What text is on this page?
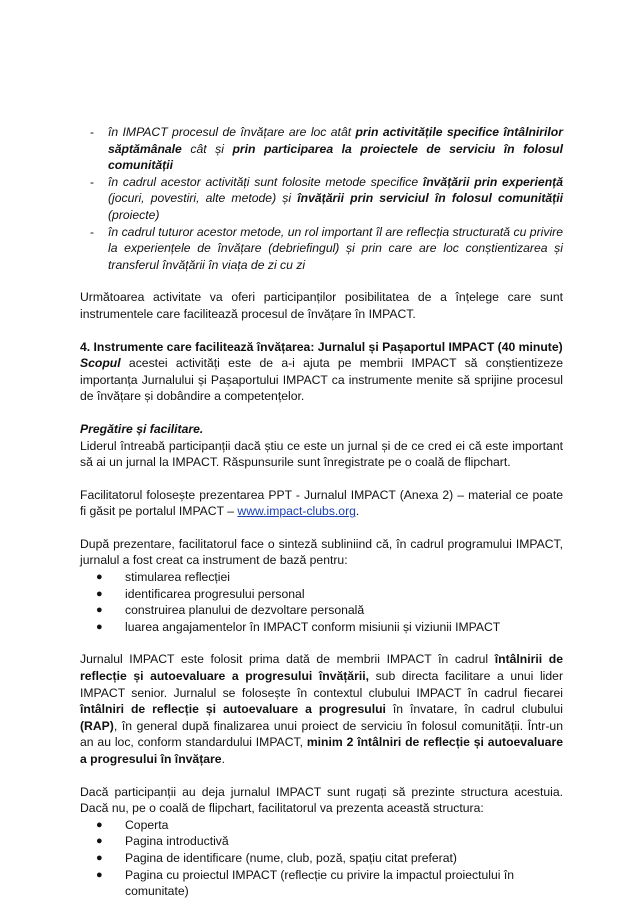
- în IMPACT procesul de învățare are loc atât prin activitățile specifice întâlnirilor săptămânale cât și prin participarea la proiectele de serviciu în folosul comunității
- în cadrul acestor activități sunt folosite metode specifice învățării prin experiență (jocuri, povestiri, alte metode) și învățării prin serviciul în folosul comunității (proiecte)
- în cadrul tuturor acestor metode, un rol important îl are reflecția structurată cu privire la experiențele de învățare (debriefingul) și prin care are loc conștientizarea și transferul învățării în viața de zi cu zi

Următoarea activitate va oferi participanților posibilitatea de a înțelege care sunt instrumentele care facilitează procesul de învățare în IMPACT.

4. Instrumente care facilitează învățarea: Jurnalul și Pașaportul IMPACT (40 minute)

Scopul acestei activități este de a-i ajuta pe membrii IMPACT să conștientizeze importanța Jurnalului și Pașaportului IMPACT ca instrumente menite să sprijine procesul de învățare și dobândire a competențelor.

Pregătire și facilitare.

Liderul întreabă participanții dacă știu ce este un jurnal și de ce cred ei că este important să ai un jurnal la IMPACT. Răspunsurile sunt înregistrate pe o coală de flipchart.

Facilitatorul folosește prezentarea PPT - Jurnalul IMPACT (Anexa 2) – material ce poate fi găsit pe portalul IMPACT – www.impact-clubs.org.

După prezentare, facilitatorul face o sinteză subliniind că, în cadrul programului IMPACT, jurnalul a fost creat ca instrument de bază pentru:

● stimularea reflecției
● identificarea progresului personal
● construirea planului de dezvoltare personală
● luarea angajamentelor în IMPACT conform misiunii și viziunii IMPACT

Jurnalul IMPACT este folosit prima dată de membrii IMPACT în cadrul întâlnirii de reflecție și autoevaluare a progresului învățării, sub directa facilitare a unui lider IMPACT senior. Jurnalul se folosește în contextul clubului IMPACT în cadrul fiecarei întâlniri de reflecție și autoevaluare a progresului în învatare, în cadrul clubului (RAP), în general după finalizarea unui proiect de serviciu în folosul comunității. Într-un an au loc, conform standardului IMPACT, minim 2 întâlniri de reflecție și autoevaluare a progresului în învățare.

Dacă participanții au deja jurnalul IMPACT sunt rugați să prezinte structura acestuia. Dacă nu, pe o coală de flipchart, facilitatorul va prezenta această structura:

● Coperta
● Pagina introductivă
● Pagina de identificare (nume, club, poză, spațiu citat preferat)
● Pagina cu proiectul IMPACT (reflecție cu privire la impactul proiectului în comunitate)
